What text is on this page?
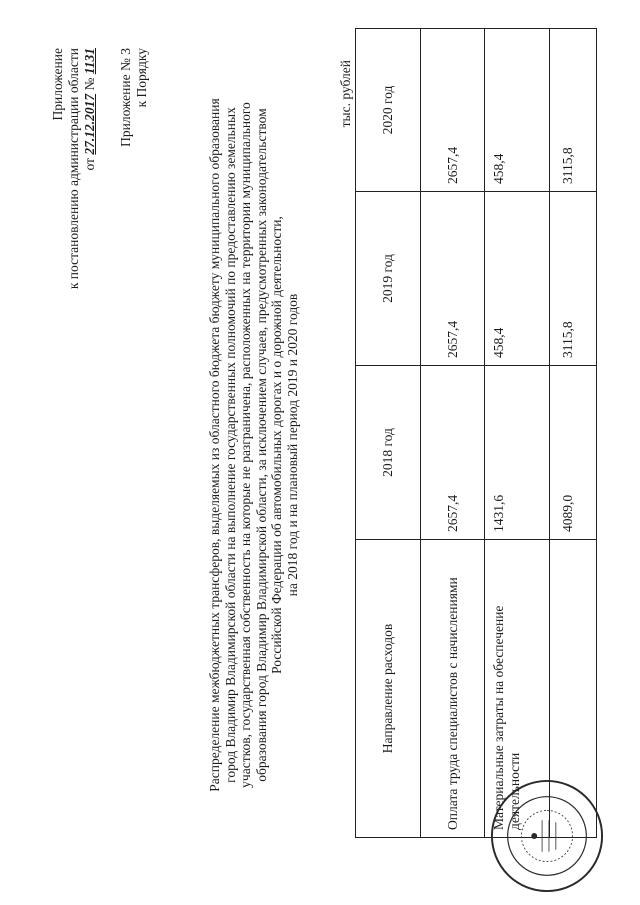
Приложение к постановлению администрации области от 27.12.2017 № 1131 Приложение № 3 к Порядку
Распределение межбюджетных трансферов, выделяемых из областного бюджета бюджету муниципального образования город Владимир Владимирской области на выполнение государственных полномочий по предоставлению земельных участков, государственная собственность на которые не разграничена, расположенных на территории муниципального образования город Владимир Владимирской области, за исключением случаев, предусмотренных законодательством Российской Федерации об автомобильных дорогах и о дорожной деятельности, на 2018 год и на плановый период 2019 и 2020 годов
тыс. рублей
Направление расходов	2018 год	2019 год	2020 год
Оплата труда специалистов с начислениями	2657,4	2657,4	2657,4
Материальные затраты на обеспечение деятельности	1431,6	458,4	458,4
	4089,0	3115,8	3115,8
